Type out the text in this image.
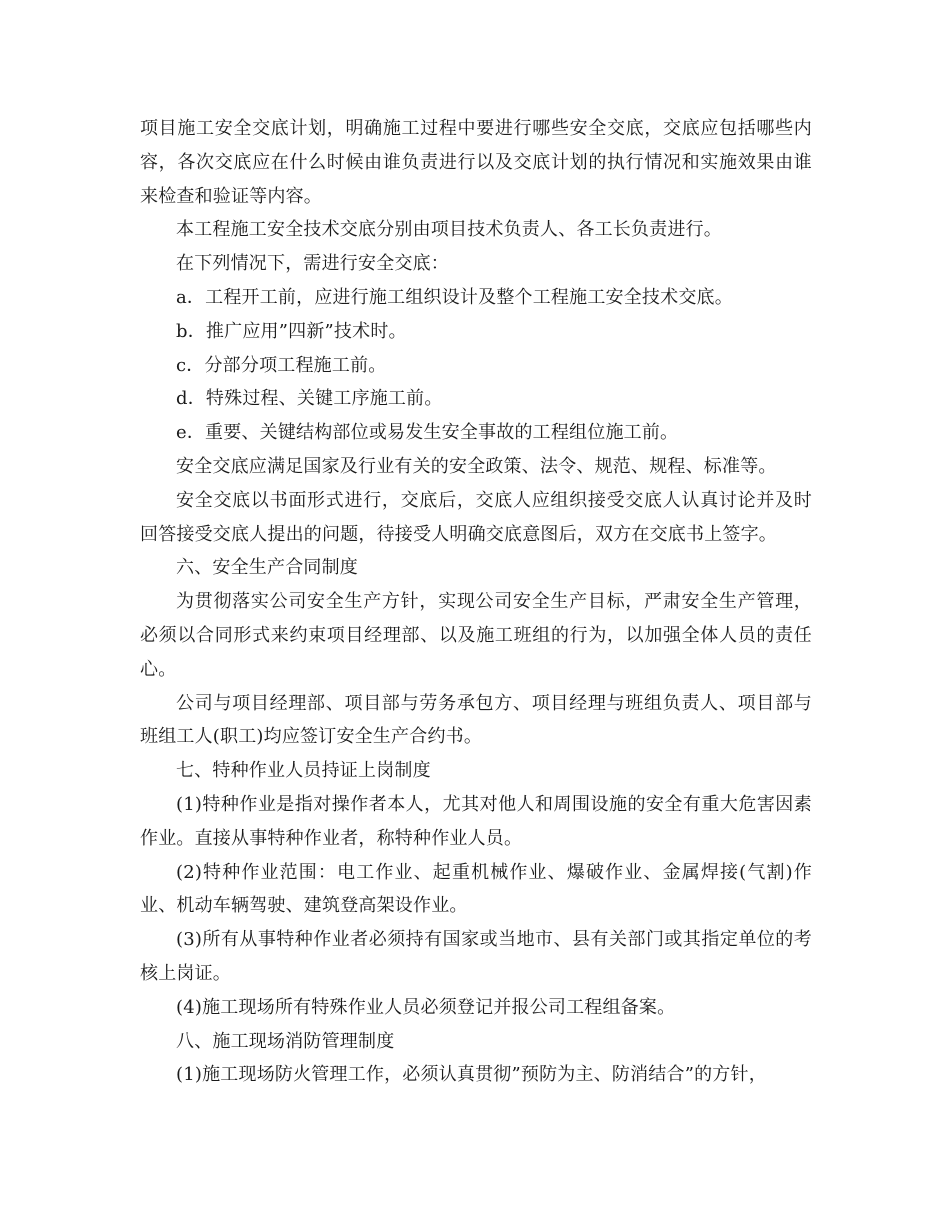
项目施工安全交底计划，明确施工过程中要进行哪些安全交底，交底应包括哪些内容，各次交底应在什么时候由谁负责进行以及交底计划的执行情况和实施效果由谁来检查和验证等内容。

本工程施工安全技术交底分别由项目技术负责人、各工长负责进行。

在下列情况下，需进行安全交底：

a．工程开工前，应进行施工组织设计及整个工程施工安全技术交底。

b．推广应用”四新”技术时。

c．分部分项工程施工前。

d．特殊过程、关键工序施工前。

e．重要、关键结构部位或易发生安全事故的工程组位施工前。

安全交底应满足国家及行业有关的安全政策、法令、规范、规程、标准等。

安全交底以书面形式进行，交底后，交底人应组织接受交底人认真讨论并及时回答接受交底人提出的问题，待接受人明确交底意图后，双方在交底书上签字。

六、安全生产合同制度

为贯彻落实公司安全生产方针，实现公司安全生产目标，严肃安全生产管理，必须以合同形式来约束项目经理部、以及施工班组的行为，以加强全体人员的责任心。

公司与项目经理部、项目部与劳务承包方、项目经理与班组负责人、项目部与班组工人(职工)均应签订安全生产合约书。

七、特种作业人员持证上岗制度

(1)特种作业是指对操作者本人，尤其对他人和周围设施的安全有重大危害因素作业。直接从事特种作业者，称特种作业人员。

(2)特种作业范围：电工作业、起重机械作业、爆破作业、金属焊接(气割)作业、机动车辆驾驶、建筑登高架设作业。

(3)所有从事特种作业者必须持有国家或当地市、县有关部门或其指定单位的考核上岗证。

(4)施工现场所有特殊作业人员必须登记并报公司工程组备案。

八、施工现场消防管理制度

(1)施工现场防火管理工作，必须认真贯彻”预防为主、防消结合”的方针，
